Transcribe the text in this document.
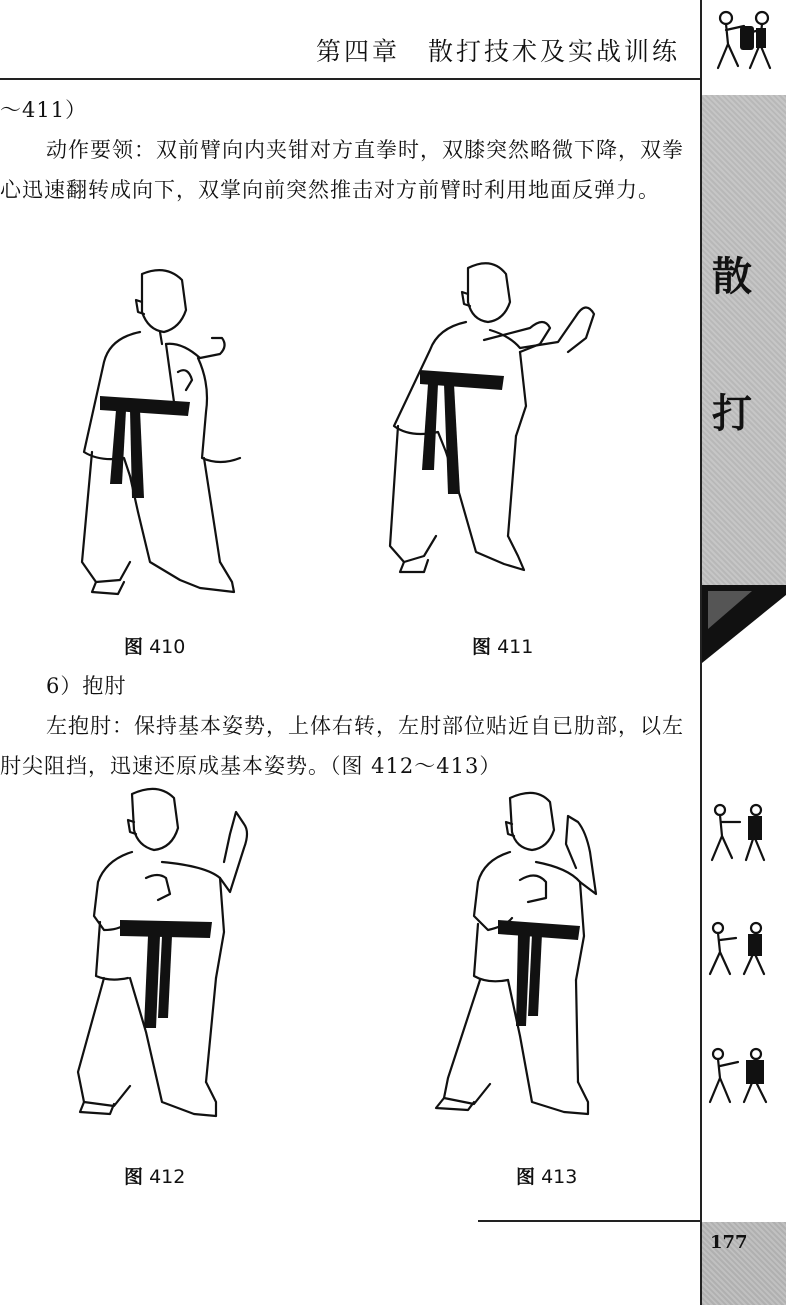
第四章　散打技术及实战训练
散
打
177
～411）
动作要领：双前臂向内夹钳对方直拳时，双膝突然略微下降，双拳心迅速翻转成向下，双掌向前突然推击对方前臂时利用地面反弹力。
6）抱肘
左抱肘：保持基本姿势，上体右转，左肘部位贴近自已肋部，以左肘尖阻挡，迅速还原成基本姿势。（图 412～413）
图 410	图 411
图 412	图 413
